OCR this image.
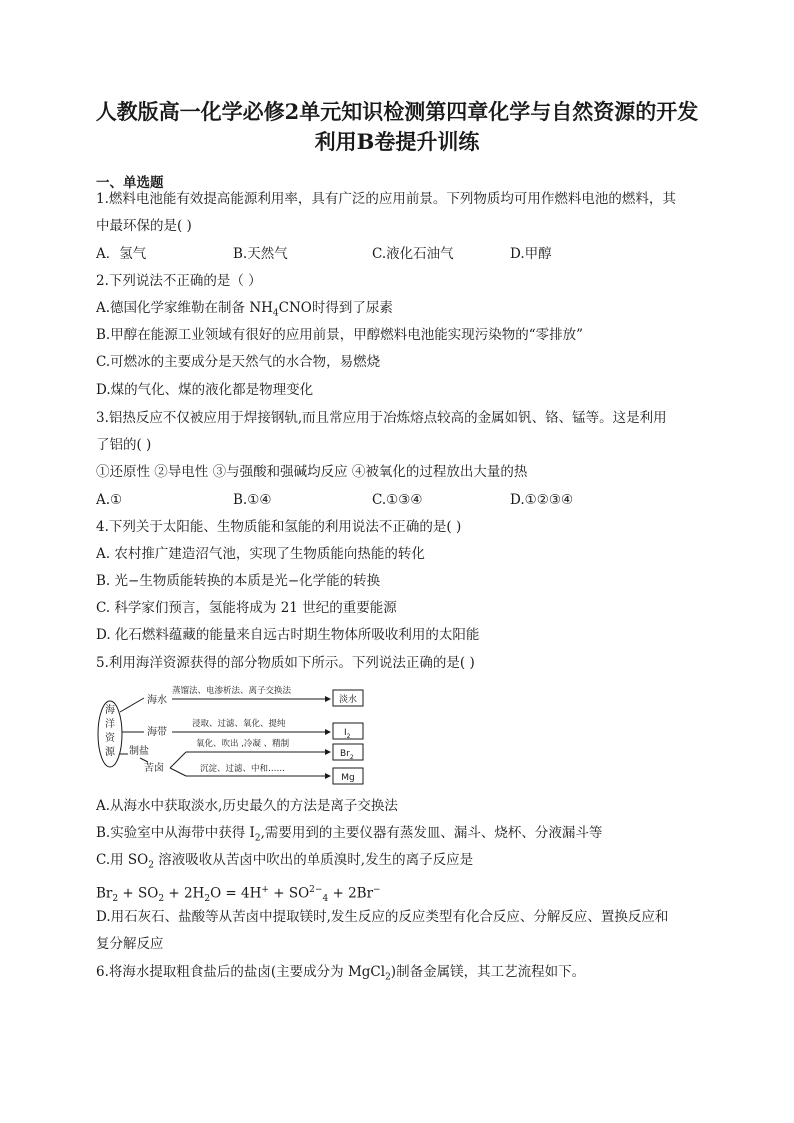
人教版高一化学必修2单元知识检测第四章化学与自然资源的开发
利用B卷提升训练
一、单选题
1.燃料电池能有效提高能源利用率，具有广泛的应用前景。下列物质均可用作燃料电池的燃料，其
中最环保的是( )
A．氢气	B.天然气	C.液化石油气	D.甲醇
2.下列说法不正确的是（ ）
A.德国化学家维勒在制备 $NH_4CNO$时得到了尿素
B.甲醇在能源工业领域有很好的应用前景，甲醇燃料电池能实现污染物的“零排放”
C.可燃冰的主要成分是天然气的水合物，易燃烧
D.煤的气化、煤的液化都是物理变化
3.铝热反应不仅被应用于焊接钢轨,而且常应用于冶炼熔点较高的金属如钒、铬、锰等。这是利用
了铝的( )
①还原性 ②导电性 ③与强酸和强碱均反应 ④被氧化的过程放出大量的热
A.①	B.①④	C.①③④	D.①②③④
4.下列关于太阳能、生物质能和氢能的利用说法不正确的是( )
A. 农村推广建造沼气池，实现了生物质能向热能的转化
B. 光−生物质能转换的本质是光−化学能的转换
C. 科学家们预言，氢能将成为 21 世纪的重要能源
D. 化石燃料蕴藏的能量来自远古时期生物体所吸收利用的太阳能
5.利用海洋资源获得的部分物质如下所示。下列说法正确的是( )
海
洋
资
源
海水
海带
制盐
苦卤
蒸馏法、电渗析法、离子交换法
淡水
浸取、过滤、氧化、提纯
$I_2$
氧化、吹出 ,冷凝 、精制
$Br_2$
沉淀、过滤、中和……
Mg
A.从海水中获取淡水,历史最久的方法是离子交换法
B.实验室中从海带中获得 $I_2$,需要用到的主要仪器有蒸发皿、漏斗、烧杯、分液漏斗等
C.用 $SO_2$ 溶液吸收从苦卤中吹出的单质溴时,发生的离子反应是
$Br_2 + SO_2 + 2H_2O = 4H^+ + SO^{2-}_4 + 2Br^-$
D.用石灰石、盐酸等从苦卤中提取镁时,发生反应的反应类型有化合反应、分解反应、置换反应和
复分解反应
6.将海水提取粗食盐后的盐卤(主要成分为 MgCl$_2$)制备金属镁，其工艺流程如下。
